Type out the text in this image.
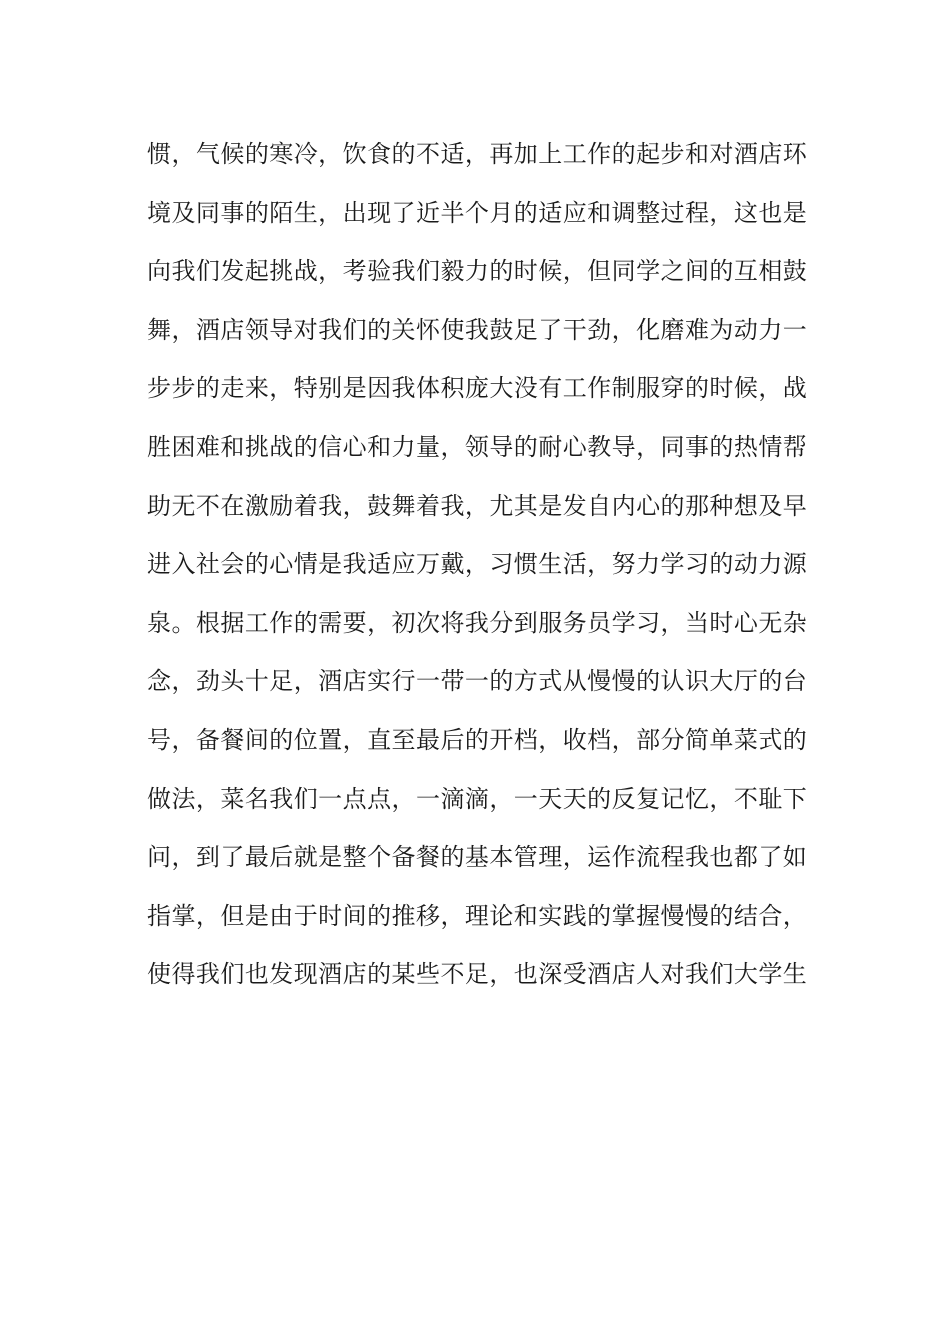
惯，气候的寒冷，饮食的不适，再加上工作的起步和对酒店环
境及同事的陌生，出现了近半个月的适应和调整过程，这也是
向我们发起挑战，考验我们毅力的时候，但同学之间的互相鼓
舞，酒店领导对我们的关怀使我鼓足了干劲，化磨难为动力一
步步的走来，特别是因我体积庞大没有工作制服穿的时候，战
胜困难和挑战的信心和力量，领导的耐心教导，同事的热情帮
助无不在激励着我，鼓舞着我，尤其是发自内心的那种想及早
进入社会的心情是我适应万戴，习惯生活，努力学习的动力源
泉。根据工作的需要，初次将我分到服务员学习，当时心无杂
念，劲头十足，酒店实行一带一的方式从慢慢的认识大厅的台
号，备餐间的位置，直至最后的开档，收档，部分简单菜式的
做法，菜名我们一点点，一滴滴，一天天的反复记忆，不耻下
问，到了最后就是整个备餐的基本管理，运作流程我也都了如
指掌，但是由于时间的推移，理论和实践的掌握慢慢的结合，
使得我们也发现酒店的某些不足，也深受酒店人对我们大学生
